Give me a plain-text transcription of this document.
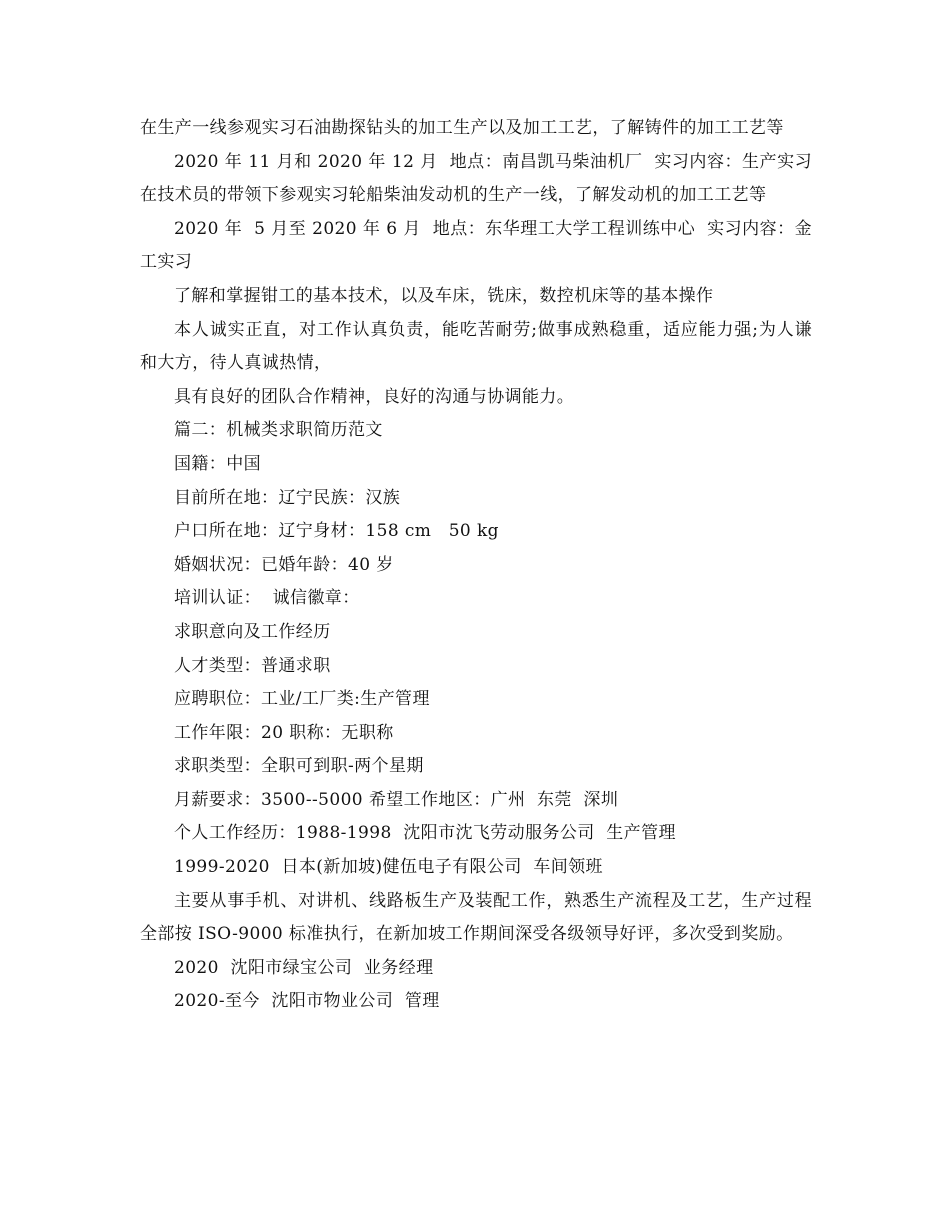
在生产一线参观实习石油勘探钻头的加工生产以及加工工艺，了解铸件的加工工艺等

2020 年 11 月和 2020 年 12 月  地点：南昌凯马柴油机厂  实习内容：生产实习  在技术员的带领下参观实习轮船柴油发动机的生产一线，了解发动机的加工工艺等

2020 年  5 月至 2020 年 6 月  地点：东华理工大学工程训练中心  实习内容：金工实习

了解和掌握钳工的基本技术，以及车床，铣床，数控机床等的基本操作

本人诚实正直，对工作认真负责，能吃苦耐劳;做事成熟稳重，适应能力强;为人谦和大方，待人真诚热情，

具有良好的团队合作精神，良好的沟通与协调能力。

篇二：机械类求职简历范文

国籍：中国

目前所在地：辽宁民族：汉族

户口所在地：辽宁身材：158 cm   50 kg

婚姻状况：已婚年龄：40 岁

培训认证：  诚信徽章：

求职意向及工作经历

人才类型：普通求职

应聘职位：工业/工厂类:生产管理

工作年限：20 职称：无职称

求职类型：全职可到职-两个星期

月薪要求：3500--5000 希望工作地区：广州  东莞  深圳

个人工作经历：1988-1998  沈阳市沈飞劳动服务公司  生产管理

1999-2020  日本(新加坡)健伍电子有限公司  车间领班

主要从事手机、对讲机、线路板生产及装配工作，熟悉生产流程及工艺，生产过程全部按 ISO-9000 标准执行，在新加坡工作期间深受各级领导好评，多次受到奖励。

2020  沈阳市绿宝公司  业务经理

2020-至今  沈阳市物业公司  管理
